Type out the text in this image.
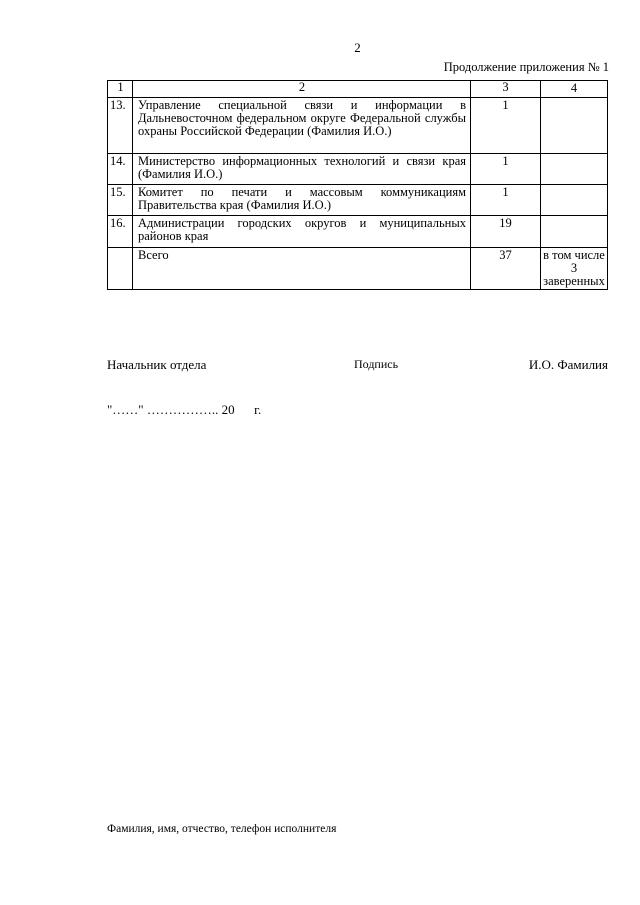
2
Продолжение приложения № 1
1	2	3	4
13.	Управление специальной связи и информации в Дальневосточном федеральном округе Федеральной службы охраны Российской Федерации (Фамилия И.О.)	1	
14.	Министерство информационных технологий и связи края (Фамилия И.О.)	1	
15.	Комитет по печати и массовым коммуникациям Правительства края (Фамилия И.О.)	1	
16.	Администрации городских округов и муниципальных районов края	19	
	Всего	37	в том числе 3 заверенных
Начальник отдела	Подпись	И.О. Фамилия
"……" …………….. 20      г.
Фамилия, имя, отчество, телефон исполнителя
